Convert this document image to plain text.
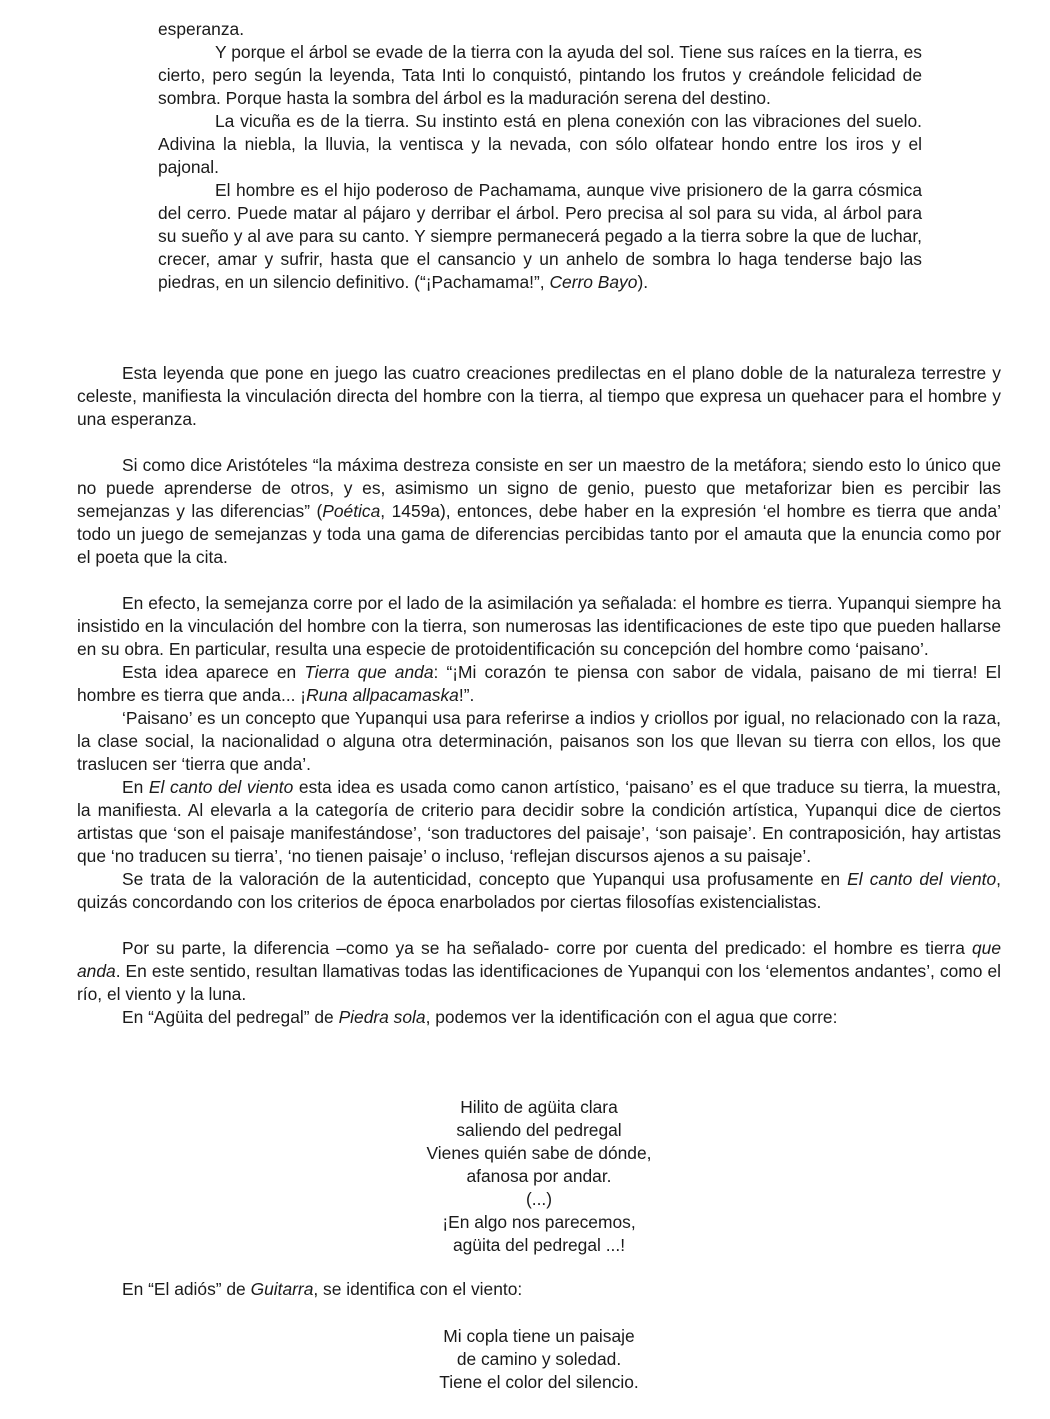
esperanza.

Y porque el árbol se evade de la tierra con la ayuda del sol. Tiene sus raíces en la tierra, es cierto, pero según la leyenda, Tata Inti lo conquistó, pintando los frutos y creándole felicidad de sombra. Porque hasta la sombra del árbol es la maduración serena del destino.

La vicuña es de la tierra. Su instinto está en plena conexión con las vibraciones del suelo. Adivina la niebla, la lluvia, la ventisca y la nevada, con sólo olfatear hondo entre los iros y el pajonal.

El hombre es el hijo poderoso de Pachamama, aunque vive prisionero de la garra cósmica del cerro. Puede matar al pájaro y derribar el árbol. Pero precisa al sol para su vida, al árbol para su sueño y al ave para su canto. Y siempre permanecerá pegado a la tierra sobre la que de luchar, crecer, amar y sufrir, hasta que el cansancio y un anhelo de sombra lo haga tenderse bajo las piedras, en un silencio definitivo. (“¡Pachamama!”, Cerro Bayo).

Esta leyenda que pone en juego las cuatro creaciones predilectas en el plano doble de la naturaleza terrestre y celeste, manifiesta la vinculación directa del hombre con la tierra, al tiempo que expresa un quehacer para el hombre y una esperanza.

Si como dice Aristóteles “la máxima destreza consiste en ser un maestro de la metáfora; siendo esto lo único que no puede aprenderse de otros, y es, asimismo un signo de genio, puesto que metaforizar bien es percibir las semejanzas y las diferencias” (Poética, 1459a), entonces, debe haber en la expresión ‘el hombre es tierra que anda’ todo un juego de semejanzas y toda una gama de diferencias percibidas tanto por el amauta que la enuncia como por el poeta que la cita.

En efecto, la semejanza corre por el lado de la asimilación ya señalada: el hombre es tierra. Yupanqui siempre ha insistido en la vinculación del hombre con la tierra, son numerosas las identificaciones de este tipo que pueden hallarse en su obra. En particular, resulta una especie de protoidentificación su concepción del hombre como ‘paisano’.

Esta idea aparece en Tierra que anda: “¡Mi corazón te piensa con sabor de vidala, paisano de mi tierra! El hombre es tierra que anda... ¡Runa allpacamaska!”.

‘Paisano’ es un concepto que Yupanqui usa para referirse a indios y criollos por igual, no relacionado con la raza, la clase social, la nacionalidad o alguna otra determinación, paisanos son los que llevan su tierra con ellos, los que traslucen ser ‘tierra que anda’.

En El canto del viento esta idea es usada como canon artístico, ‘paisano’ es el que traduce su tierra, la muestra, la manifiesta. Al elevarla a la categoría de criterio para decidir sobre la condición artística, Yupanqui dice de ciertos artistas que ‘son el paisaje manifestándose’, ‘son traductores del paisaje’, ‘son paisaje’. En contraposición, hay artistas que ‘no traducen su tierra’, ‘no tienen paisaje’ o incluso, ‘reflejan discursos ajenos a su paisaje’.

Se trata de la valoración de la autenticidad, concepto que Yupanqui usa profusamente en El canto del viento, quizás concordando con los criterios de época enarbolados por ciertas filosofías existencialistas.

Por su parte, la diferencia –como ya se ha señalado- corre por cuenta del predicado: el hombre es tierra que anda. En este sentido, resultan llamativas todas las identificaciones de Yupanqui con los ‘elementos andantes’, como el río, el viento y la luna.

En “Agüita del pedregal” de Piedra sola, podemos ver la identificación con el agua que corre:

Hilito de agüita clara
saliendo del pedregal
Vienes quién sabe de dónde,
afanosa por andar.
(...)
¡En algo nos parecemos,
agüita del pedregal ...!

En “El adiós” de Guitarra, se identifica con el viento:

Mi copla tiene un paisaje
de camino y soledad.
Tiene el color del silencio.
